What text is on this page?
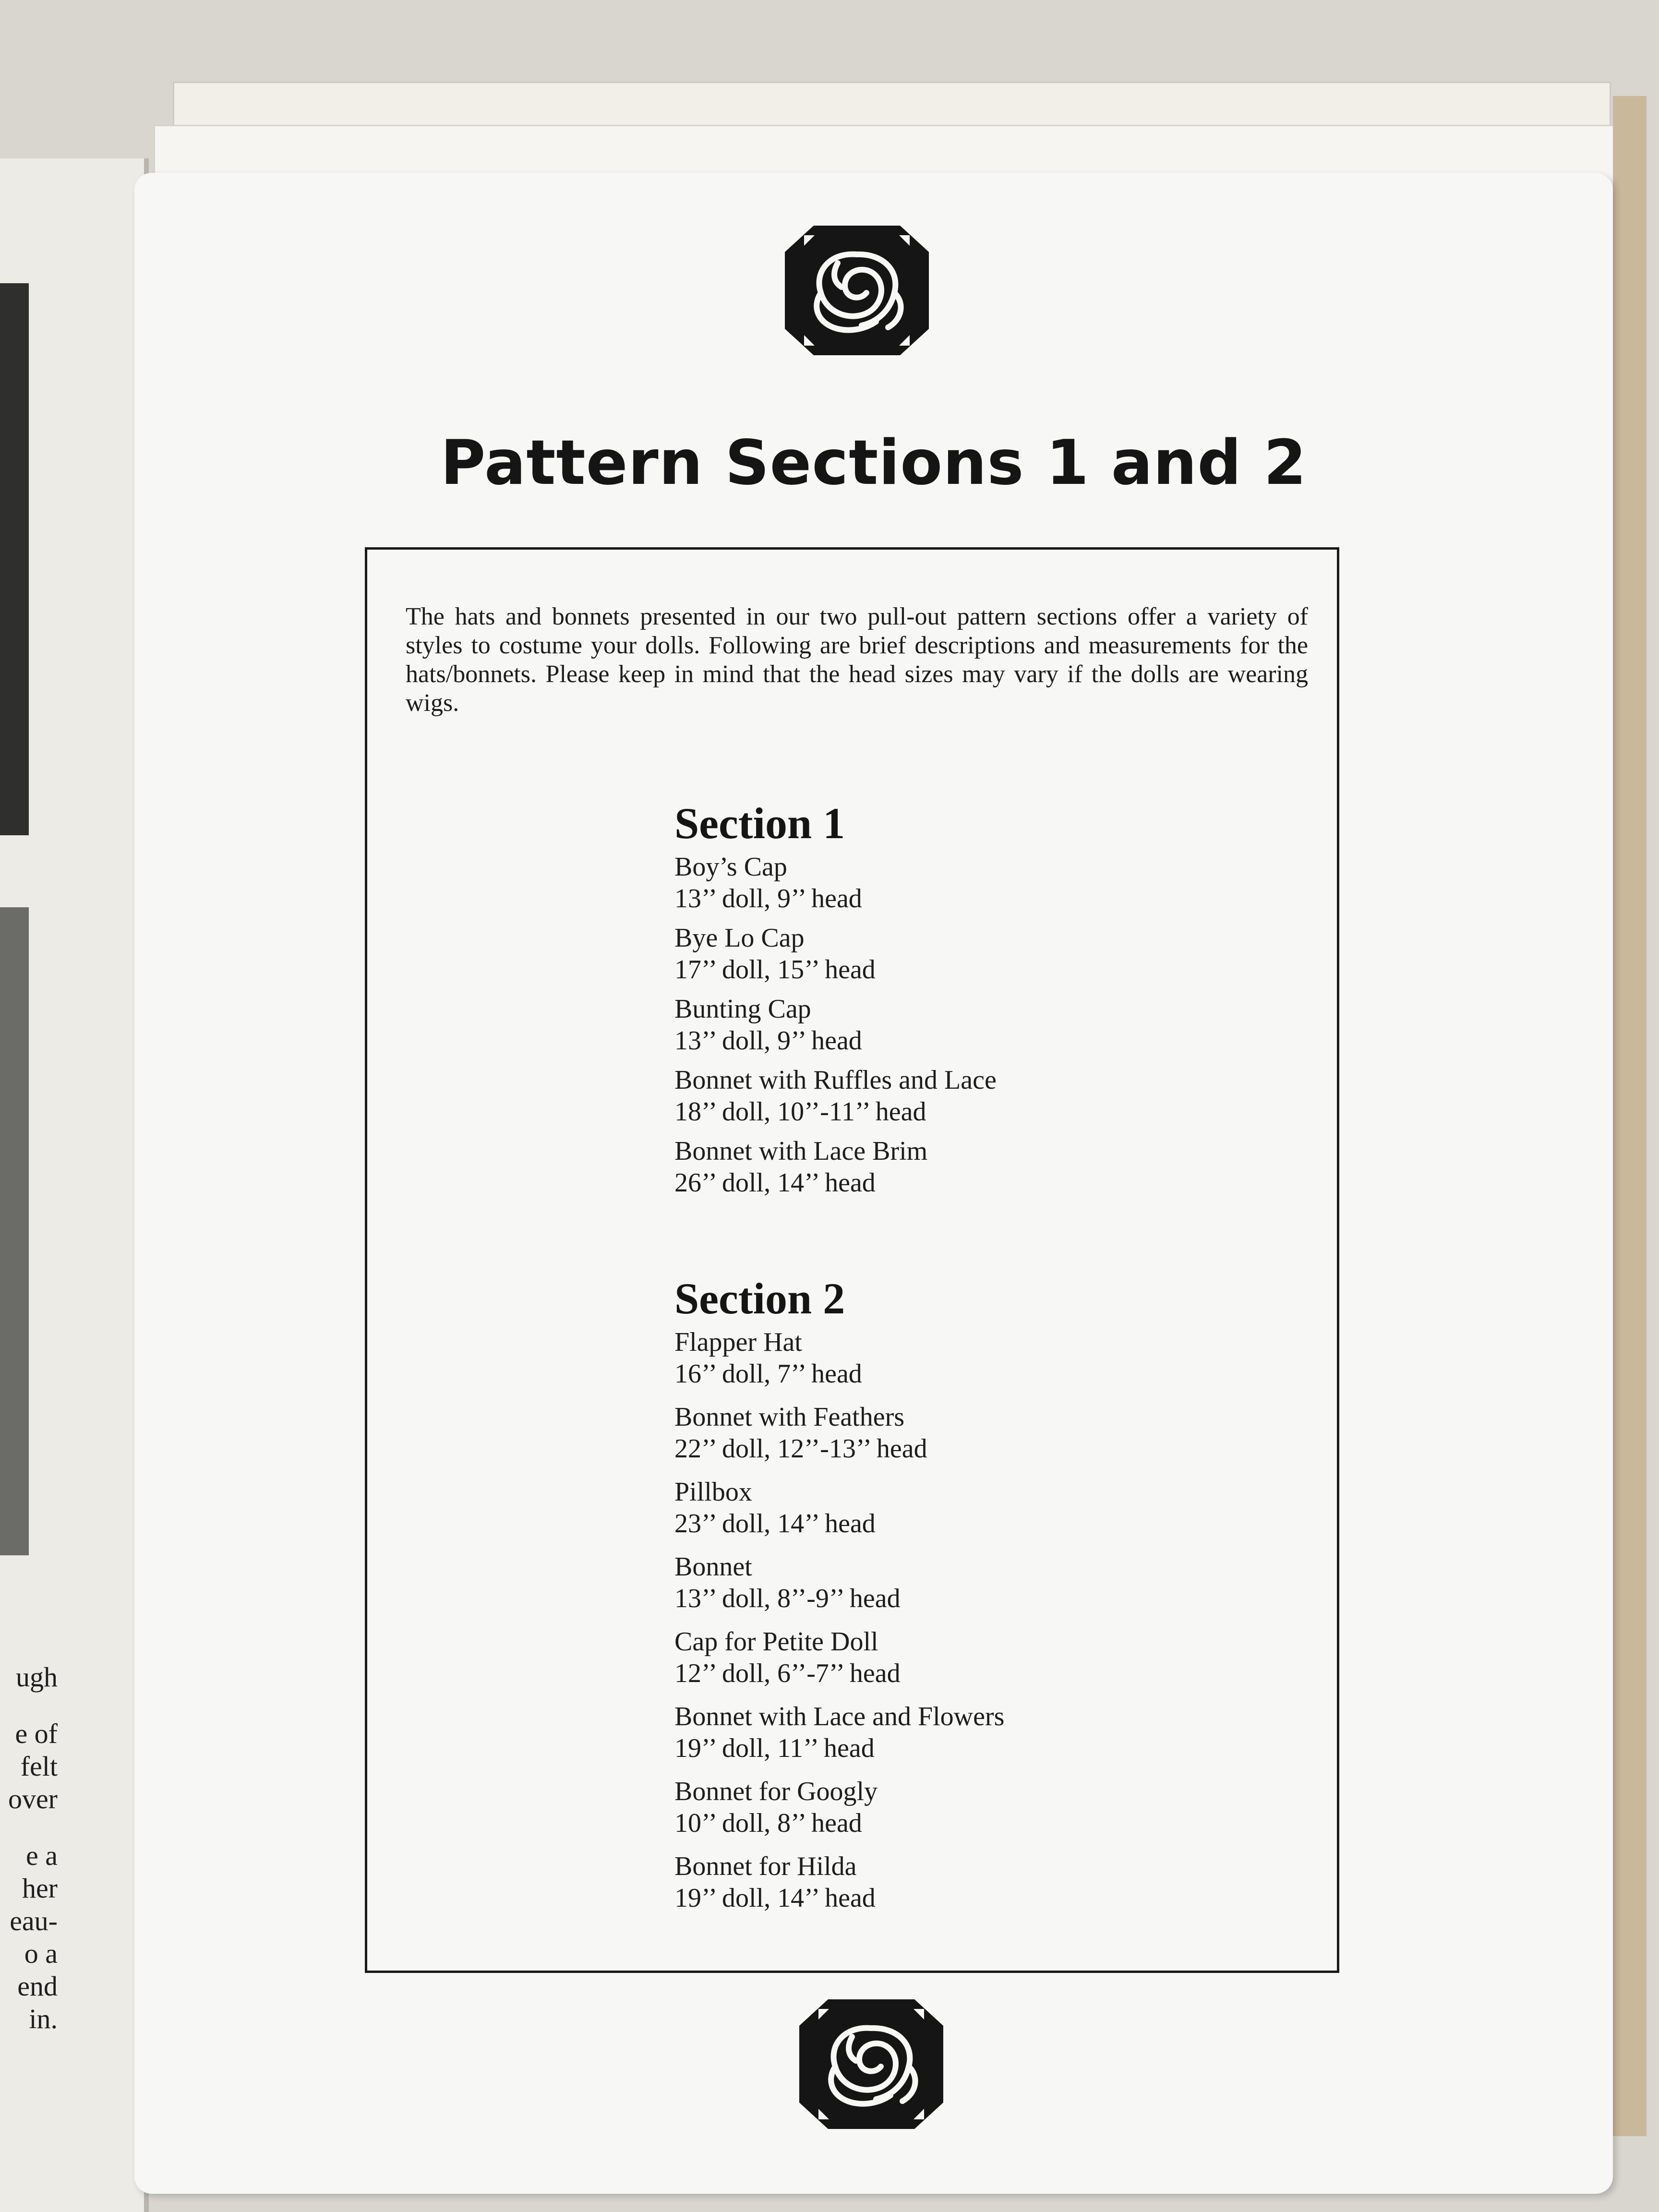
ugh
e of
felt
over
e a
her
eau-
o a
end
in.
Pattern Sections 1 and 2

The hats and bonnets presented in our two pull-out pattern sections offer a variety of styles to costume your dolls. Following are brief descriptions and measurements for the hats/bonnets. Please keep in mind that the head sizes may vary if the dolls are wearing wigs.

Section 1
Boy’s Cap
13’’ doll, 9’’ head
Bye Lo Cap
17’’ doll, 15’’ head
Bunting Cap
13’’ doll, 9’’ head
Bonnet with Ruffles and Lace
18’’ doll, 10’’-11’’ head
Bonnet with Lace Brim
26’’ doll, 14’’ head
Section 2
Flapper Hat
16’’ doll, 7’’ head
Bonnet with Feathers
22’’ doll, 12’’-13’’ head
Pillbox
23’’ doll, 14’’ head
Bonnet
13’’ doll, 8’’-9’’ head
Cap for Petite Doll
12’’ doll, 6’’-7’’ head
Bonnet with Lace and Flowers
19’’ doll, 11’’ head
Bonnet for Googly
10’’ doll, 8’’ head
Bonnet for Hilda
19’’ doll, 14’’ head
